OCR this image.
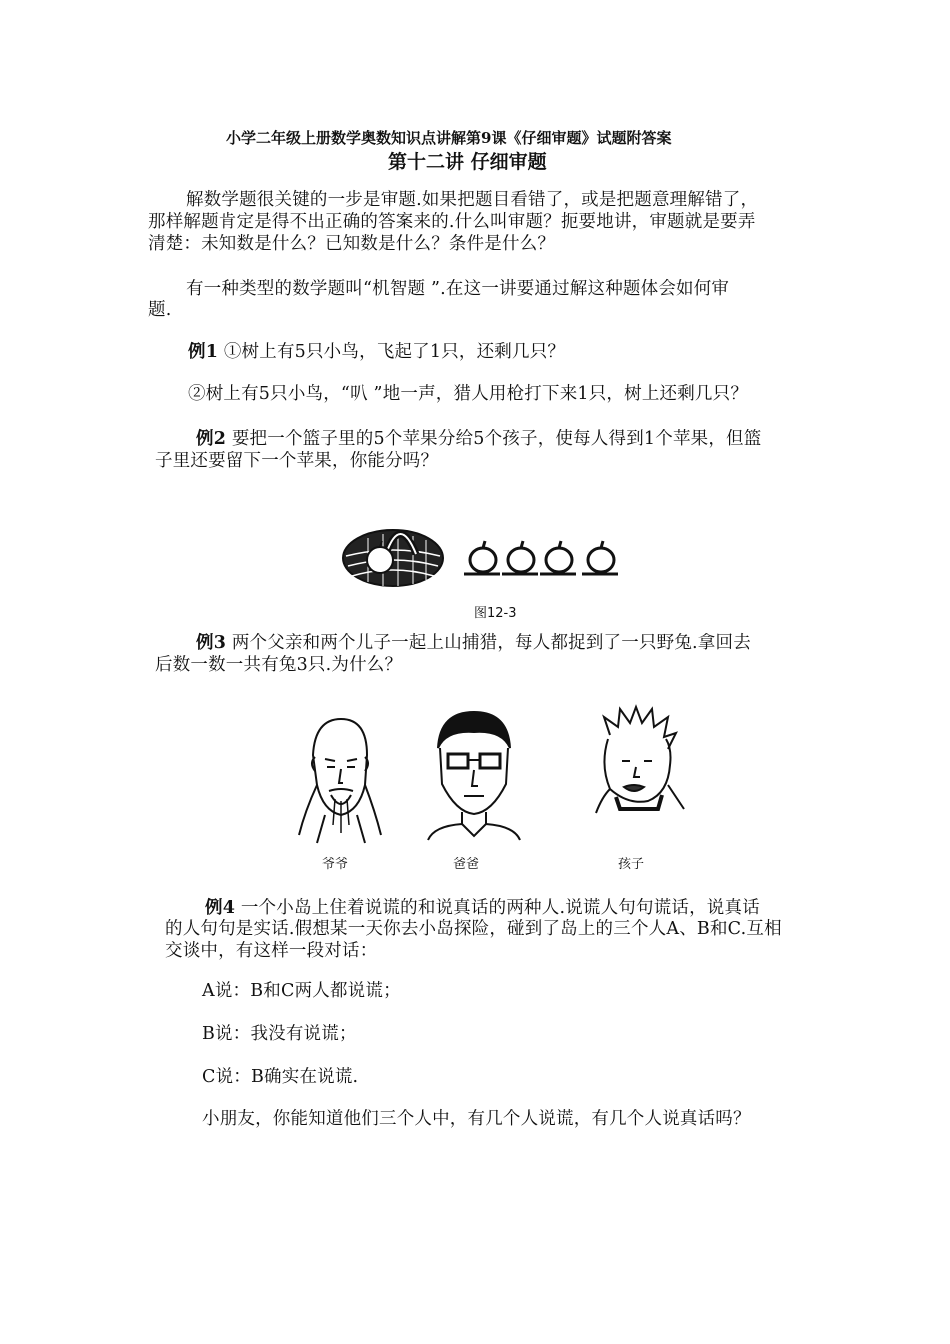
小学二年级上册数学奥数知识点讲解第9课《仔细审题》试题附答案
第十二讲 仔细审题
解数学题很关键的一步是审题.如果把题目看错了，或是把题意理解错了，
那样解题肯定是得不出正确的答案来的.什么叫审题？扼要地讲，审题就是要弄
清楚：未知数是什么？已知数是什么？条件是什么？
有一种类型的数学题叫“机智题 ”.在这一讲要通过解这种题体会如何审
题.
例1 ①树上有5只小鸟，飞起了1只，还剩几只？
②树上有5只小鸟，“叭 ”地一声，猎人用枪打下来1只，树上还剩几只？
例2 要把一个篮子里的5个苹果分给5个孩子，使每人得到1个苹果，但篮
子里还要留下一个苹果，你能分吗？
图12-3
例3 两个父亲和两个儿子一起上山捕猎，每人都捉到了一只野兔.拿回去
后数一数一共有兔3只.为什么？
爷爷	爸爸	孩子
例4 一个小岛上住着说谎的和说真话的两种人.说谎人句句谎话，说真话
的人句句是实话.假想某一天你去小岛探险，碰到了岛上的三个人A、B和C.互相
交谈中，有这样一段对话：
A说：B和C两人都说谎；
B说：我没有说谎；
C说：B确实在说谎.
小朋友，你能知道他们三个人中，有几个人说谎，有几个人说真话吗？
